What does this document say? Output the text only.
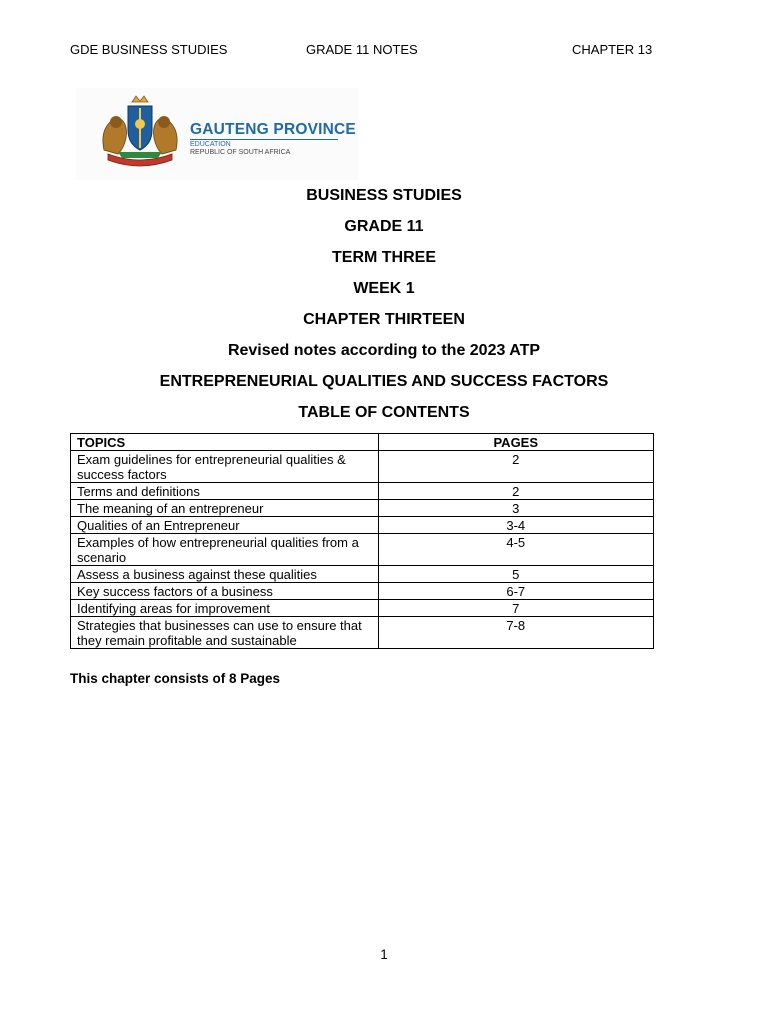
GDE BUSINESS STUDIES	GRADE 11 NOTES	CHAPTER 13
GAUTENG PROVINCE
EDUCATION
REPUBLIC OF SOUTH AFRICA
BUSINESS STUDIES
GRADE 11
TERM THREE
WEEK 1
CHAPTER THIRTEEN
Revised notes according to the 2023 ATP
ENTREPRENEURIAL QUALITIES AND SUCCESS FACTORS
TABLE OF CONTENTS
TOPICS	PAGES
Exam guidelines for entrepreneurial qualities & success factors	2
Terms and definitions	2
The meaning of an entrepreneur	3
Qualities of an Entrepreneur	3-4
Examples of how entrepreneurial qualities from a scenario	4-5
Assess a business against these qualities	5
Key success factors of a business	6-7
Identifying areas for improvement	7
Strategies that businesses can use to ensure that they remain profitable and sustainable	7-8
This chapter consists of 8 Pages
1
